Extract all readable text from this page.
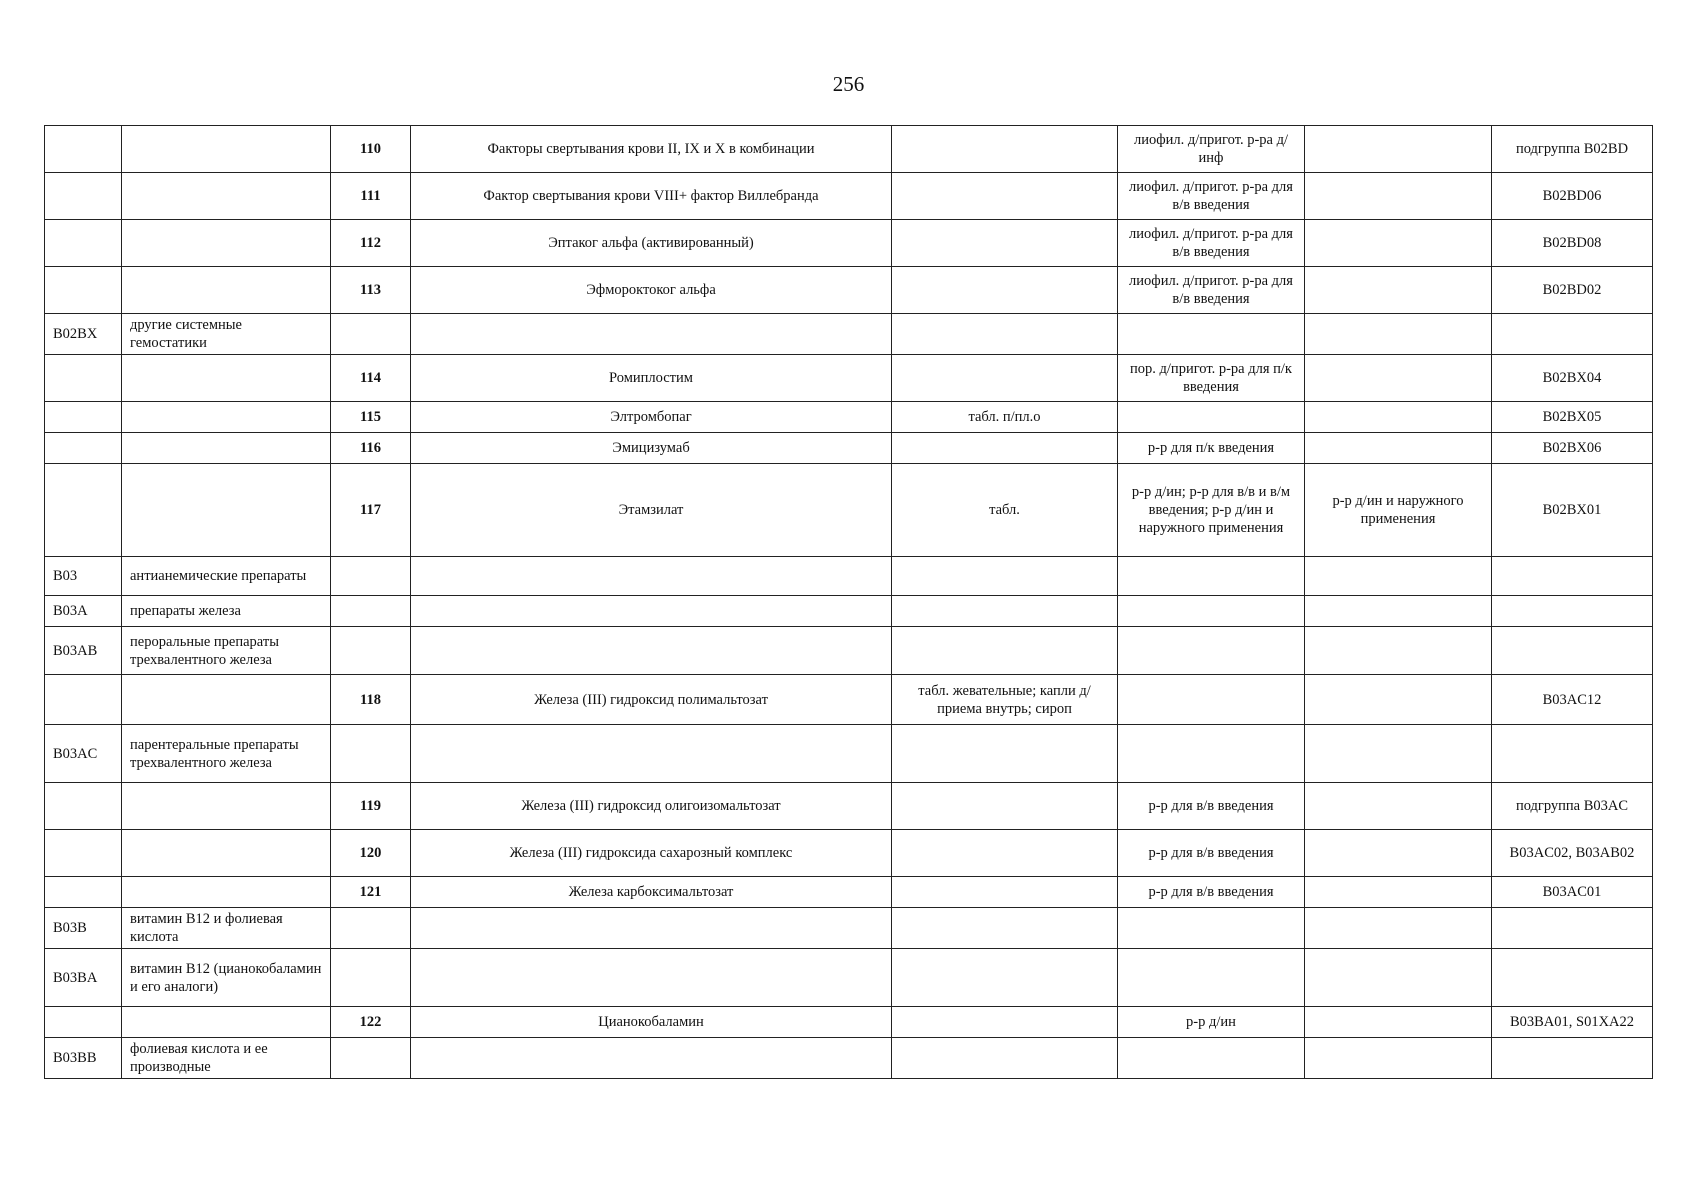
256
		110	Факторы свертывания крови II, IX и X в комбинации		лиофил. д/пригот. р-ра д/инф		подгруппа B02BD
		111	Фактор свертывания крови VIII+ фактор Виллебранда		лиофил. д/пригот. р-ра для в/в введения		B02BD06
		112	Эптаког альфа (активированный)		лиофил. д/пригот. р-ра для в/в введения		B02BD08
		113	Эфмороктоког альфа		лиофил. д/пригот. р-ра для в/в введения		B02BD02
B02BX	другие системные гемостатики						
		114	Ромиплостим		пор. д/пригот. р-ра для п/к введения		B02BX04
		115	Элтромбопаг	табл. п/пл.о			B02BX05
		116	Эмицизумаб		р-р для п/к введения		B02BX06
		117	Этамзилат	табл.	р-р д/ин; р-р для в/в и в/м введения; р-р д/ин и наружного применения	р-р д/ин и наружного применения	B02BX01
B03	антианемические препараты						
B03A	препараты железа						
B03AB	пероральные препараты трехвалентного железа						
		118	Железа (III) гидроксид полимальтозат	табл. жевательные; капли д/приема внутрь; сироп			B03AC12
B03AC	парентеральные препараты трехвалентного железа						
		119	Железа (III) гидроксид олигоизомальтозат		р-р для в/в введения		подгруппа B03AC
		120	Железа (III) гидроксида сахарозный комплекс		р-р для в/в введения		B03AC02, B03AB02
		121	Железа карбоксимальтозат		р-р для в/в введения		B03AC01
B03B	витамин B12 и фолиевая кислота						
B03BA	витамин B12 (цианокобаламин и его аналоги)						
		122	Цианокобаламин		р-р д/ин		B03BA01, S01XA22
B03BB	фолиевая кислота и ее производные						
